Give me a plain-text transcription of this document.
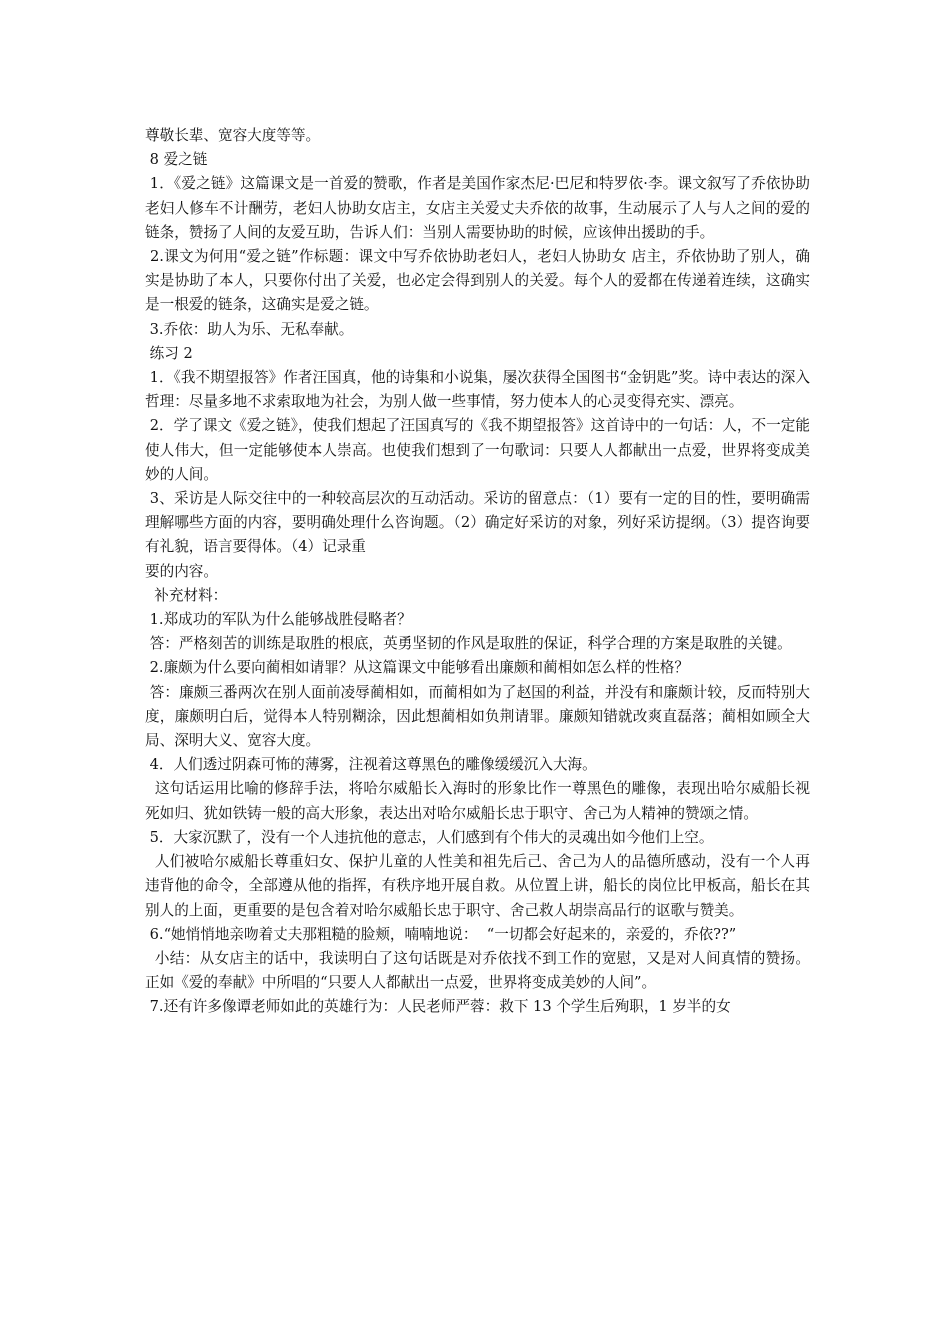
尊敬长辈、宽容大度等等。

8 爱之链

1．《爱之链》这篇课文是一首爱的赞歌，作者是美国作家杰尼·巴尼和特罗依·李。课文叙写了乔依协助老妇人修车不计酬劳，老妇人协助女店主，女店主关爱丈夫乔依的故事，生动展示了人与人之间的爱的链条，赞扬了人间的友爱互助，告诉人们：当别人需要协助的时候，应该伸出援助的手。

2.课文为何用“爱之链”作标题：课文中写乔依协助老妇人，老妇人协助女 店主，乔依协助了别人，确实是协助了本人，只要你付出了关爱，也必定会得到别人的关爱。每个人的爱都在传递着连续，这确实是一根爱的链条，这确实是爱之链。

3.乔依：助人为乐、无私奉献。

练习 2

1．《我不期望报答》作者汪国真，他的诗集和小说集，屡次获得全国图书“金钥匙”奖。诗中表达的深入哲理：尽量多地不求索取地为社会，为别人做一些事情，努力使本人的心灵变得充实、漂亮。

2．学了课文《爱之链》，使我们想起了汪国真写的《我不期望报答》这首诗中的一句话：人，不一定能使人伟大，但一定能够使本人崇高。也使我们想到了一句歌词：只要人人都献出一点爱，世界将变成美妙的人间。

3、采访是人际交往中的一种较高层次的互动活动。采访的留意点：（1）要有一定的目的性，要明确需理解哪些方面的内容，要明确处理什么咨询题。（2）确定好采访的对象，列好采访提纲。（3）提咨询要有礼貌，语言要得体。（4）记录重

要的内容。

补充材料：

1.郑成功的军队为什么能够战胜侵略者？

答：严格刻苦的训练是取胜的根底，英勇坚韧的作风是取胜的保证，科学合理的方案是取胜的关键。

2.廉颇为什么要向蔺相如请罪？从这篇课文中能够看出廉颇和蔺相如怎么样的性格？

答：廉颇三番两次在别人面前凌辱蔺相如，而蔺相如为了赵国的利益，并没有和廉颇计较，反而特别大度，廉颇明白后，觉得本人特别糊涂，因此想蔺相如负荆请罪。廉颇知错就改爽直磊落；蔺相如顾全大局、深明大义、宽容大度。

4．人们透过阴森可怖的薄雾，注视着这尊黑色的雕像缓缓沉入大海。

这句话运用比喻的修辞手法，将哈尔威船长入海时的形象比作一尊黑色的雕像，表现出哈尔威船长视死如归、犹如铁铸一般的高大形象，表达出对哈尔威船长忠于职守、舍己为人精神的赞颂之情。

5．大家沉默了，没有一个人违抗他的意志，人们感到有个伟大的灵魂出如今他们上空。

人们被哈尔威船长尊重妇女、保护儿童的人性美和祖先后己、舍己为人的品德所感动，没有一个人再违背他的命令，全部遵从他的指挥，有秩序地开展自救。从位置上讲，船长的岗位比甲板高，船长在其别人的上面，更重要的是包含着对哈尔威船长忠于职守、舍己救人胡崇高品行的讴歌与赞美。

6.“她悄悄地亲吻着丈夫那粗糙的脸颊，喃喃地说：  “一切都会好起来的，亲爱的，乔依??”

小结：从女店主的话中，我读明白了这句话既是对乔依找不到工作的宽慰，又是对人间真情的赞扬。正如《爱的奉献》中所唱的“只要人人都献出一点爱，世界将变成美妙的人间”。

7.还有许多像谭老师如此的英雄行为：人民老师严蓉：救下 13 个学生后殉职，1 岁半的女
